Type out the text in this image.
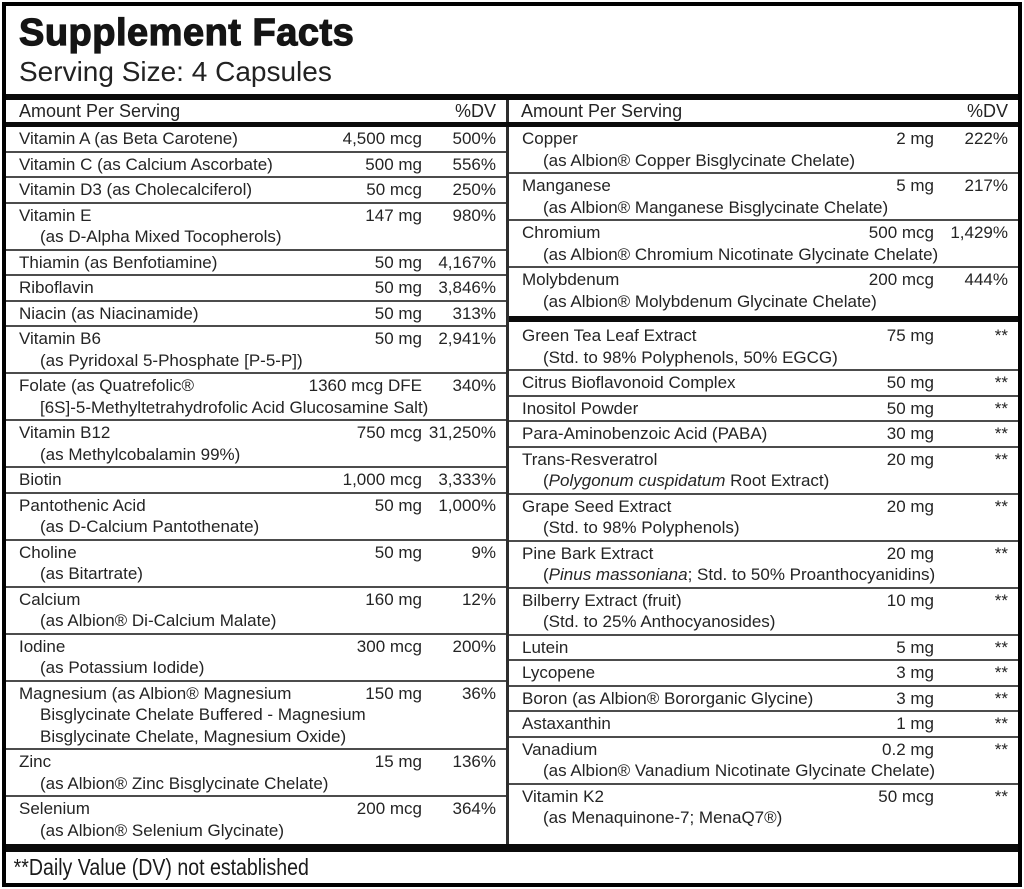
Supplement Facts
Serving Size: 4 Capsules
Amount Per Serving	%DV Amount Per Serving	%DV
Vitamin A (as Beta Carotene)	4,500 mcg	500%
Vitamin C (as Calcium Ascorbate)	500 mg	556%
Vitamin D3 (as Cholecalciferol)	50 mcg	250%
Vitamin E	147 mg	980%
(as D-Alpha Mixed Tocopherols)
Thiamin (as Benfotiamine)	50 mg 4,167%
Riboflavin	50 mg 3,846%
Niacin (as Niacinamide)	50 mg	313%
Vitamin B6	50 mg 2,941%
(as Pyridoxal 5-Phosphate [P-5-P])
Folate (as Quatrefolic®	1360 mcg DFE	340%
[6S]-5-Methyltetrahydrofolic Acid Glucosamine Salt)
Vitamin B12	750 mcg 31,250%
(as Methylcobalamin 99%)
Biotin	1,000 mcg 3,333%
Pantothenic Acid	50 mg 1,000%
(as D-Calcium Pantothenate)
Choline	50 mg	9%
(as Bitartrate)
Calcium	160 mg	12%
(as Albion® Di-Calcium Malate)
Iodine	300 mcg	200%
(as Potassium Iodide)
Magnesium (as Albion® Magnesium	150 mg	36%
Bisglycinate Chelate Buffered - Magnesium
Bisglycinate Chelate, Magnesium Oxide)
Zinc	15 mg	136%
(as Albion® Zinc Bisglycinate Chelate)
Selenium	200 mcg	364%
(as Albion® Selenium Glycinate)
Copper	2 mg	222%
(as Albion® Copper Bisglycinate Chelate)
Manganese	5 mg	217%
(as Albion® Manganese Bisglycinate Chelate)
Chromium	500 mcg 1,429%
(as Albion® Chromium Nicotinate Glycinate Chelate)
Molybdenum	200 mcg	444%
(as Albion® Molybdenum Glycinate Chelate)
Green Tea Leaf Extract	75 mg	**
(Std. to 98% Polyphenols, 50% EGCG)
Citrus Bioflavonoid Complex	50 mg	**
Inositol Powder	50 mg	**
Para-Aminobenzoic Acid (PABA)	30 mg	**
Trans-Resveratrol	20 mg	**
(Polygonum cuspidatum Root Extract)
Grape Seed Extract	20 mg	**
(Std. to 98% Polyphenols)
Pine Bark Extract	20 mg	**
(Pinus massoniana; Std. to 50% Proanthocyanidins)
Bilberry Extract (fruit)	10 mg	**
(Std. to 25% Anthocyanosides)
Lutein	5 mg	**
Lycopene	3 mg	**
Boron (as Albion® Bororganic Glycine)	3 mg	**
Astaxanthin	1 mg	**
Vanadium	0.2 mg	**
(as Albion® Vanadium Nicotinate Glycinate Chelate)
Vitamin K2	50 mcg	**
(as Menaquinone-7; MenaQ7®)
**Daily Value (DV) not established
